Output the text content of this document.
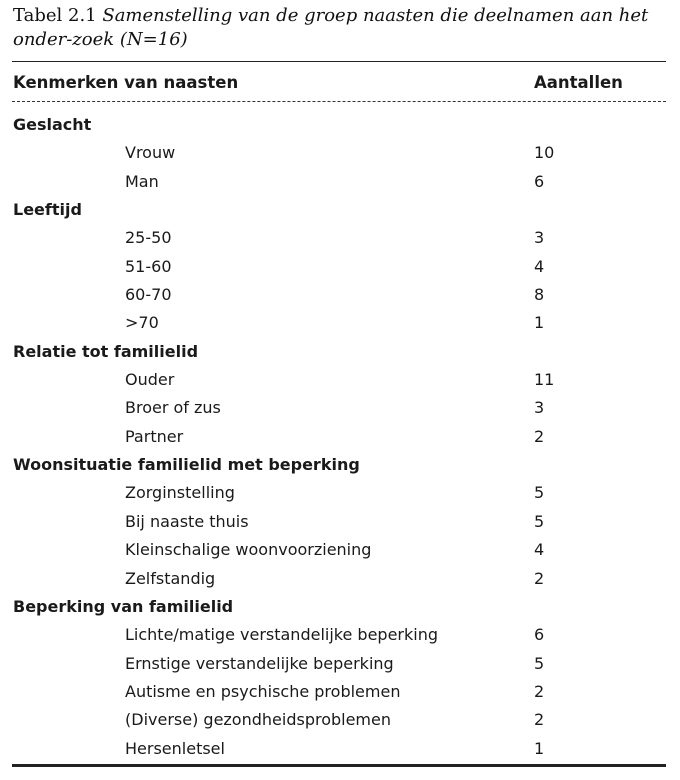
Tabel 2.1 Samenstelling van de groep naasten die deelnamen aan het onder-zoek (N=16)
Kenmerken van naasten	Aantallen
Geslacht
Vrouw	10
Man	6
Leeftijd
25-50	3
51-60	4
60-70	8
>70	1
Relatie tot familielid
Ouder	11
Broer of zus	3
Partner	2
Woonsituatie familielid met beperking
Zorginstelling	5
Bij naaste thuis	5
Kleinschalige woonvoorziening	4
Zelfstandig	2
Beperking van familielid
Lichte/matige verstandelijke beperking	6
Ernstige verstandelijke beperking	5
Autisme en psychische problemen	2
(Diverse) gezondheidsproblemen	2
Hersenletsel	1
